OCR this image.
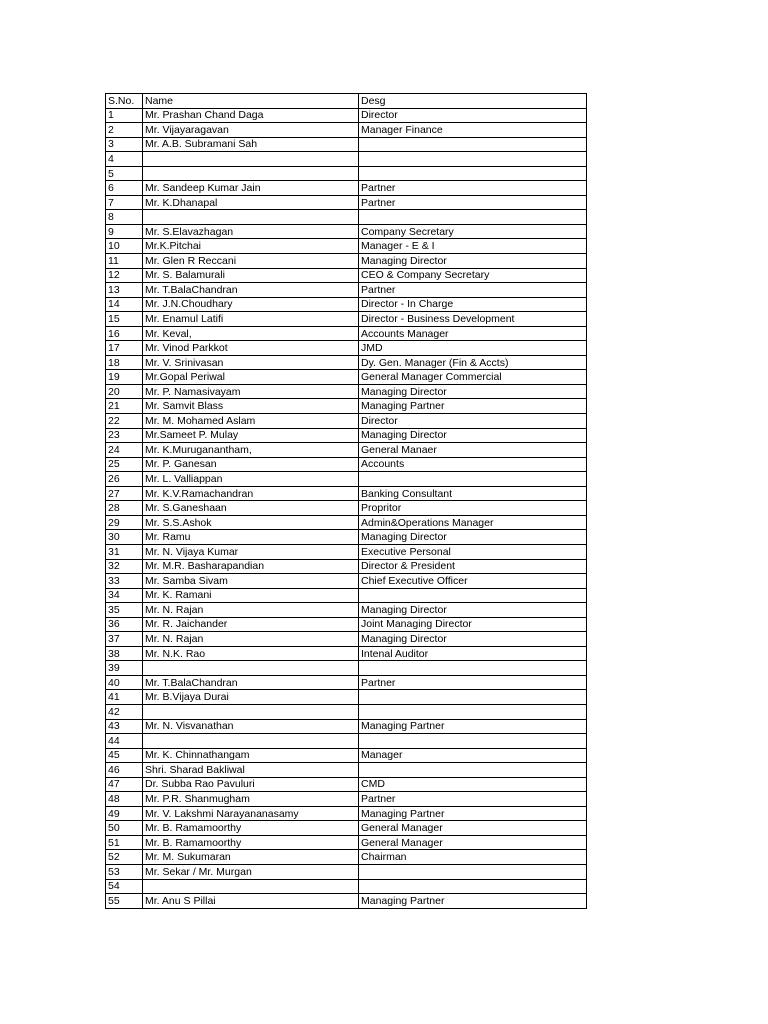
S.No.	Name	Desg
1	Mr. Prashan Chand Daga	Director
2	Mr. Vijayaragavan	Manager Finance
3	Mr. A.B. Subramani Sah	
4		
5		
6	Mr. Sandeep Kumar Jain	Partner
7	Mr. K.Dhanapal	Partner
8		
9	Mr. S.Elavazhagan	Company Secretary
10	Mr.K.Pitchai	Manager - E & I
11	Mr. Glen R Reccani	Managing Director
12	Mr. S. Balamurali	CEO & Company Secretary
13	Mr. T.BalaChandran	Partner
14	Mr. J.N.Choudhary	Director - In Charge
15	Mr. Enamul Latifi	Director - Business Development
16	Mr. Keval,	Accounts Manager
17	Mr. Vinod Parkkot	JMD
18	Mr. V. Srinivasan	Dy. Gen. Manager (Fin & Accts)
19	Mr.Gopal Periwal	General Manager Commercial
20	Mr. P. Namasivayam	Managing Director
21	Mr. Samvit Blass	Managing Partner
22	Mr. M. Mohamed Aslam	Director
23	Mr.Sameet P. Mulay	Managing Director
24	Mr. K.Muruganantham,	General Manaer
25	Mr. P. Ganesan	Accounts
26	Mr. L. Valliappan	
27	Mr. K.V.Ramachandran	Banking Consultant
28	Mr. S.Ganeshaan	Propritor
29	Mr. S.S.Ashok	Admin&Operations Manager
30	Mr. Ramu	Managing Director
31	Mr. N. Vijaya Kumar	Executive Personal
32	Mr. M.R. Basharapandian	Director & President
33	Mr. Samba Sivam	Chief Executive Officer
34	Mr. K. Ramani	
35	Mr. N. Rajan	Managing Director
36	Mr. R. Jaichander	Joint Managing Director
37	Mr. N. Rajan	Managing Director
38	Mr. N.K. Rao	Intenal Auditor
39		
40	Mr. T.BalaChandran	Partner
41	Mr. B.Vijaya Durai	
42		
43	Mr. N. Visvanathan	Managing Partner
44		
45	Mr. K. Chinnathangam	Manager
46	Shri. Sharad Bakliwal	
47	Dr. Subba Rao Pavuluri	CMD
48	Mr. P.R. Shanmugham	Partner
49	Mr. V. Lakshmi Narayananasamy	Managing Partner
50	Mr. B. Ramamoorthy	General Manager
51	Mr. B. Ramamoorthy	General Manager
52	Mr. M. Sukumaran	Chairman
53	Mr. Sekar / Mr. Murgan	
54		
55	Mr. Anu S Pillai	Managing Partner
